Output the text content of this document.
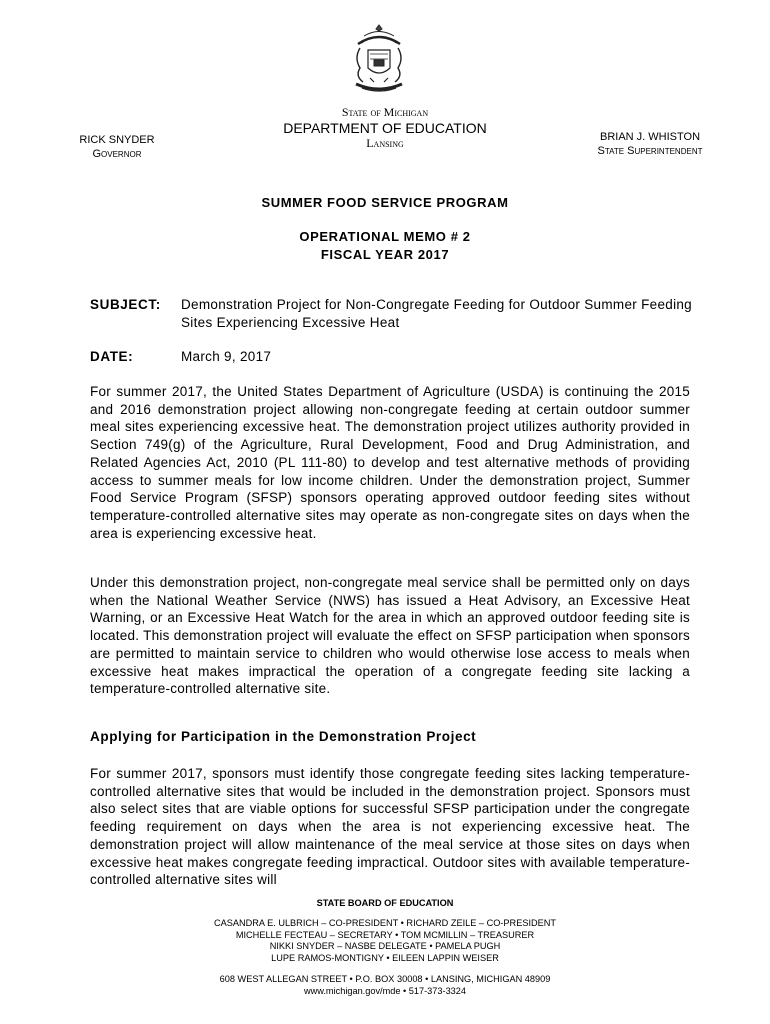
State of Michigan
DEPARTMENT OF EDUCATION
Lansing
RICK SNYDER
Governor
BRIAN J. WHISTON
State Superintendent
SUMMER FOOD SERVICE PROGRAM
OPERATIONAL MEMO # 2
FISCAL YEAR 2017
SUBJECT: Demonstration Project for Non-Congregate Feeding for Outdoor Summer Feeding Sites Experiencing Excessive Heat
DATE:	March 9, 2017
For summer 2017, the United States Department of Agriculture (USDA) is continuing the 2015 and 2016 demonstration project allowing non-congregate feeding at certain outdoor summer meal sites experiencing excessive heat. The demonstration project utilizes authority provided in Section 749(g) of the Agriculture, Rural Development, Food and Drug Administration, and Related Agencies Act, 2010 (PL 111-80) to develop and test alternative methods of providing access to summer meals for low income children. Under the demonstration project, Summer Food Service Program (SFSP) sponsors operating approved outdoor feeding sites without temperature-controlled alternative sites may operate as non-congregate sites on days when the area is experiencing excessive heat.
Under this demonstration project, non-congregate meal service shall be permitted only on days when the National Weather Service (NWS) has issued a Heat Advisory, an Excessive Heat Warning, or an Excessive Heat Watch for the area in which an approved outdoor feeding site is located. This demonstration project will evaluate the effect on SFSP participation when sponsors are permitted to maintain service to children who would otherwise lose access to meals when excessive heat makes impractical the operation of a congregate feeding site lacking a temperature-controlled alternative site.
Applying for Participation in the Demonstration Project
For summer 2017, sponsors must identify those congregate feeding sites lacking temperature-controlled alternative sites that would be included in the demonstration project. Sponsors must also select sites that are viable options for successful SFSP participation under the congregate feeding requirement on days when the area is not experiencing excessive heat. The demonstration project will allow maintenance of the meal service at those sites on days when excessive heat makes congregate feeding impractical. Outdoor sites with available temperature-controlled alternative sites will
STATE BOARD OF EDUCATION
CASANDRA E. ULBRICH – CO-PRESIDENT • RICHARD ZEILE – CO-PRESIDENT
MICHELLE FECTEAU – SECRETARY • TOM MCMILLIN – TREASURER
NIKKI SNYDER – NASBE DELEGATE • PAMELA PUGH
LUPE RAMOS-MONTIGNY • EILEEN LAPPIN WEISER
608 WEST ALLEGAN STREET • P.O. BOX 30008 • LANSING, MICHIGAN 48909
www.michigan.gov/mde • 517-373-3324
